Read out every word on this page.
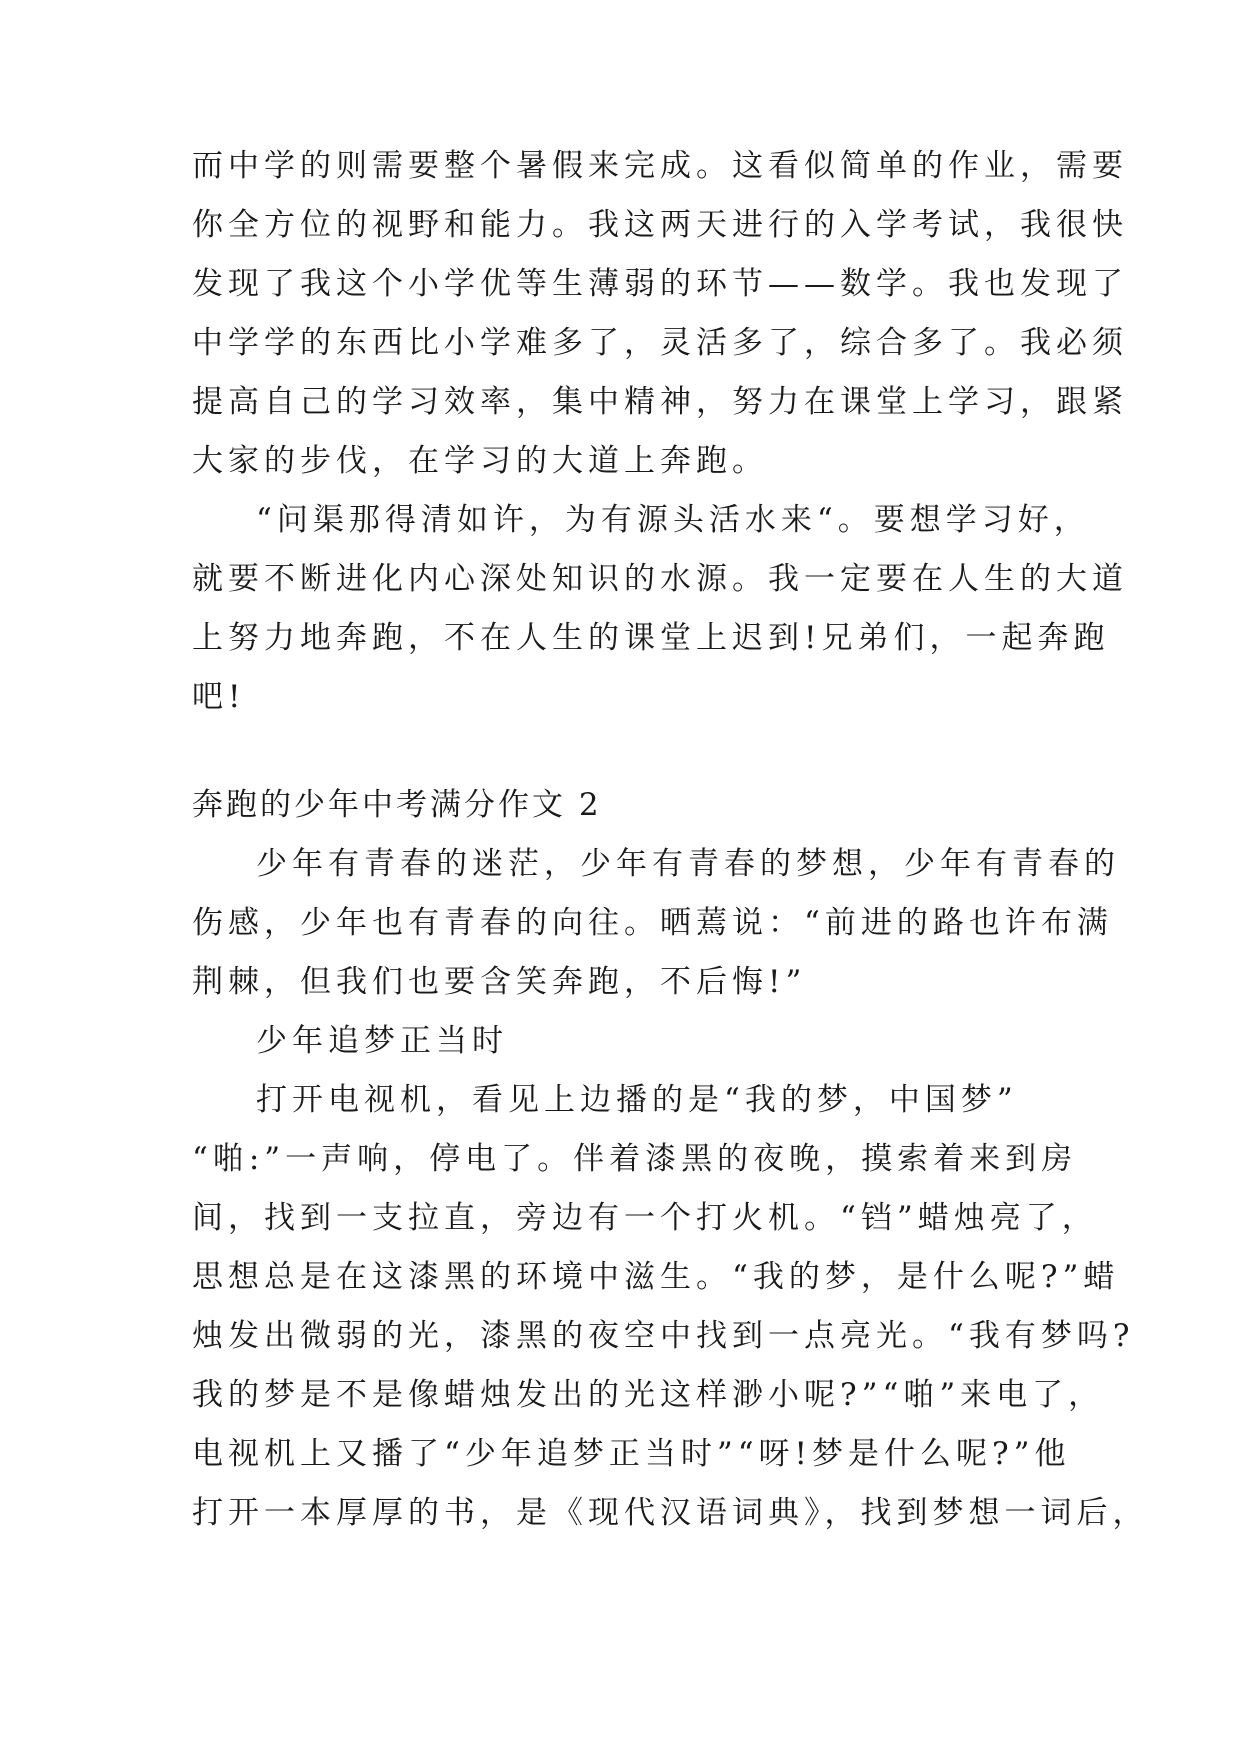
而中学的则需要整个暑假来完成。这看似简单的作业，需要
你全方位的视野和能力。我这两天进行的入学考试，我很快
发现了我这个小学优等生薄弱的环节——数学。我也发现了
中学学的东西比小学难多了，灵活多了，综合多了。我必须
提高自己的学习效率，集中精神，努力在课堂上学习，跟紧
大家的步伐，在学习的大道上奔跑。
“问渠那得清如许，为有源头活水来“。要想学习好，
就要不断进化内心深处知识的水源。我一定要在人生的大道
上努力地奔跑，不在人生的课堂上迟到!兄弟们，一起奔跑
吧!
奔跑的少年中考满分作文 2
少年有青春的迷茫，少年有青春的梦想，少年有青春的
伤感，少年也有青春的向往。晒蔫说：“前进的路也许布满
荆棘，但我们也要含笑奔跑，不后悔!”
少年追梦正当时
打开电视机，看见上边播的是“我的梦，中国梦”
“啪:”一声响，停电了。伴着漆黑的夜晚，摸索着来到房
间，找到一支拉直，旁边有一个打火机。“铛”蜡烛亮了，
思想总是在这漆黑的环境中滋生。“我的梦，是什么呢?”蜡
烛发出微弱的光，漆黑的夜空中找到一点亮光。“我有梦吗?
我的梦是不是像蜡烛发出的光这样渺小呢?”“啪”来电了，
电视机上又播了“少年追梦正当时”“呀!梦是什么呢?”他
打开一本厚厚的书，是《现代汉语词典》，找到梦想一词后，
